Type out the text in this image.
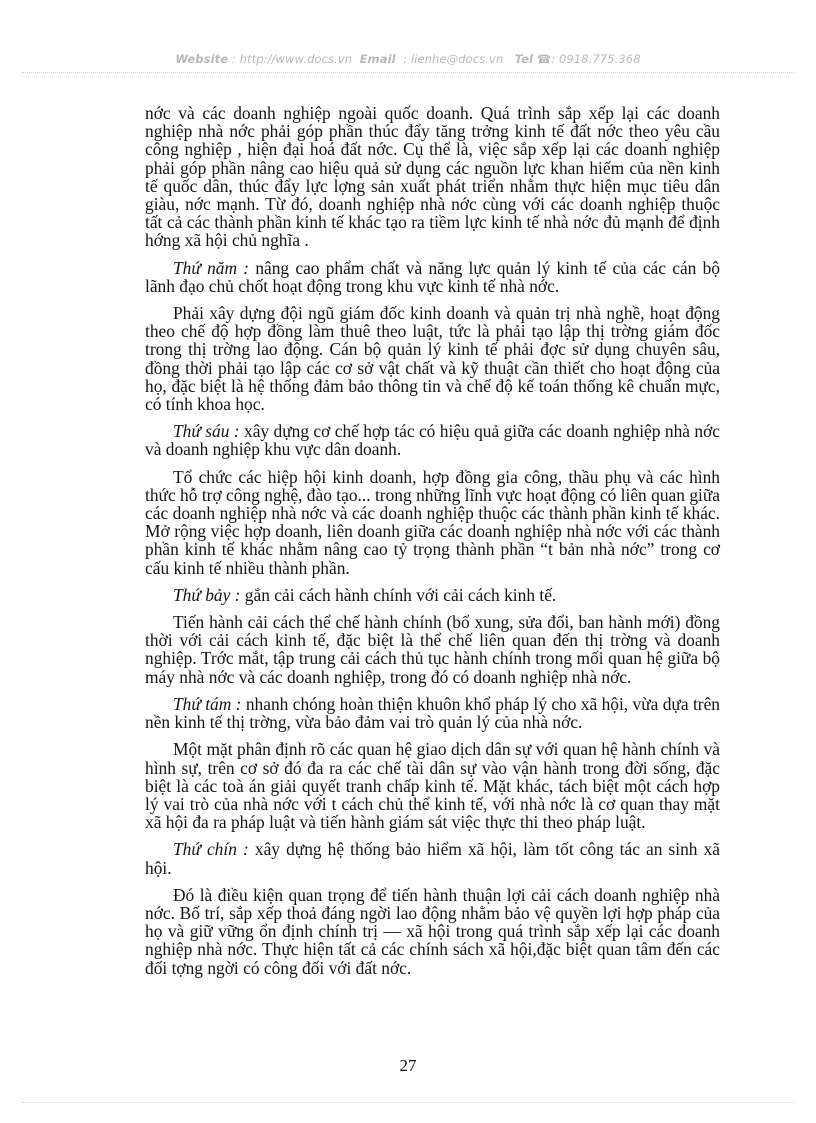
Website : http://www.docs.vn Email : lienhe@docs.vn Tel ☎: 0918.775.368

nớc và các doanh nghiệp ngoài quốc doanh. Quá trình sắp xếp lại các doanh nghiệp nhà nớc phải góp phần thúc đẩy tăng trởng kinh tế đất nớc theo yêu cầu công nghiệp , hiện đại hoá đất nớc. Cụ thể là, việc sắp xếp lại các doanh nghiệp phải góp phần nâng cao hiệu quả sử dụng các nguồn lực khan hiếm của nền kinh tế quốc dân, thúc đẩy lực lợng sản xuất phát triển nhằm thực hiện mục tiêu dân giàu, nớc mạnh. Từ đó, doanh nghiệp nhà nớc cùng với các doanh nghiệp thuộc tất cả các thành phần kinh tế khác tạo ra tiềm lực kinh tế nhà nớc đủ mạnh để định hớng xã hội chủ nghĩa .

Thứ năm : nâng cao phẩm chất và năng lực quản lý kinh tế của các cán bộ lãnh đạo chủ chốt hoạt động trong khu vực kinh tế nhà nớc.

Phải xây dựng đội ngũ giám đốc kinh doanh và quản trị nhà nghề, hoạt động theo chế độ hợp đồng làm thuê theo luật, tức là phải tạo lập thị trờng giám đốc trong thị trờng lao động. Cán bộ quản lý kinh tế phải đợc sử dụng chuyên sâu, đồng thời phải tạo lập các cơ sở vật chất và kỹ thuật cần thiết cho hoạt động của họ, đặc biệt là hệ thống đảm bảo thông tin và chế độ kế toán thống kê chuẩn mực, có tính khoa học.

Thứ sáu : xây dựng cơ chế hợp tác có hiệu quả giữa các doanh nghiệp nhà nớc và doanh nghiệp khu vực dân doanh.

Tổ chức các hiệp hội kinh doanh, hợp đồng gia công, thầu phụ và các hình thức hỗ trợ công nghệ, đào tạo... trong những lĩnh vực hoạt động có liên quan giữa các doanh nghiệp nhà nớc và các doanh nghiệp thuộc các thành phần kinh tế khác. Mở rộng việc hợp doanh, liên doanh giữa các doanh nghiệp nhà nớc với các thành phần kinh tế khác nhằm nâng cao tỷ trọng thành phần “t bản nhà nớc” trong cơ cấu kinh tế nhiều thành phần.

Thứ bảy : gắn cải cách hành chính với cải cách kinh tế.

Tiến hành cải cách thể chế hành chính (bổ xung, sửa đổi, ban hành mới) đồng thời với cải cách kinh tế, đặc biệt là thể chế liên quan đến thị trờng và doanh nghiệp. Trớc mắt, tập trung cải cách thủ tục hành chính trong mối quan hệ giữa bộ máy nhà nớc và các doanh nghiệp, trong đó có doanh nghiệp nhà nớc.

Thứ tám : nhanh chóng hoàn thiện khuôn khổ pháp lý cho xã hội, vừa dựa trên nền kinh tế thị trờng, vừa bảo đảm vai trò quản lý của nhà nớc.

Một mặt phân định rõ các quan hệ giao dịch dân sự với quan hệ hành chính và hình sự, trên cơ sở đó đa ra các chế tài dân sự vào vận hành trong đời sống, đặc biệt là các toà án giải quyết tranh chấp kinh tế. Mặt khác, tách biệt một cách hợp lý vai trò của nhà nớc với t cách chủ thể kinh tế, với nhà nớc là cơ quan thay mặt xã hội đa ra pháp luật và tiến hành giám sát việc thực thi theo pháp luật.

Thứ chín : xây dựng hệ thống bảo hiểm xã hội, làm tốt công tác an sinh xã hội.

Đó là điều kiện quan trọng để tiến hành thuận lợi cải cách doanh nghiệp nhà nớc. Bố trí, sắp xếp thoả đáng ngời lao động nhằm bảo vệ quyền lợi hợp pháp của họ và giữ vững ổn định chính trị — xã hội trong quá trình sắp xếp lại các doanh nghiệp nhà nớc. Thực hiện tất cả các chính sách xã hội,đặc biệt quan tâm đến các đối tợng ngời có công đối với đất nớc.

27
